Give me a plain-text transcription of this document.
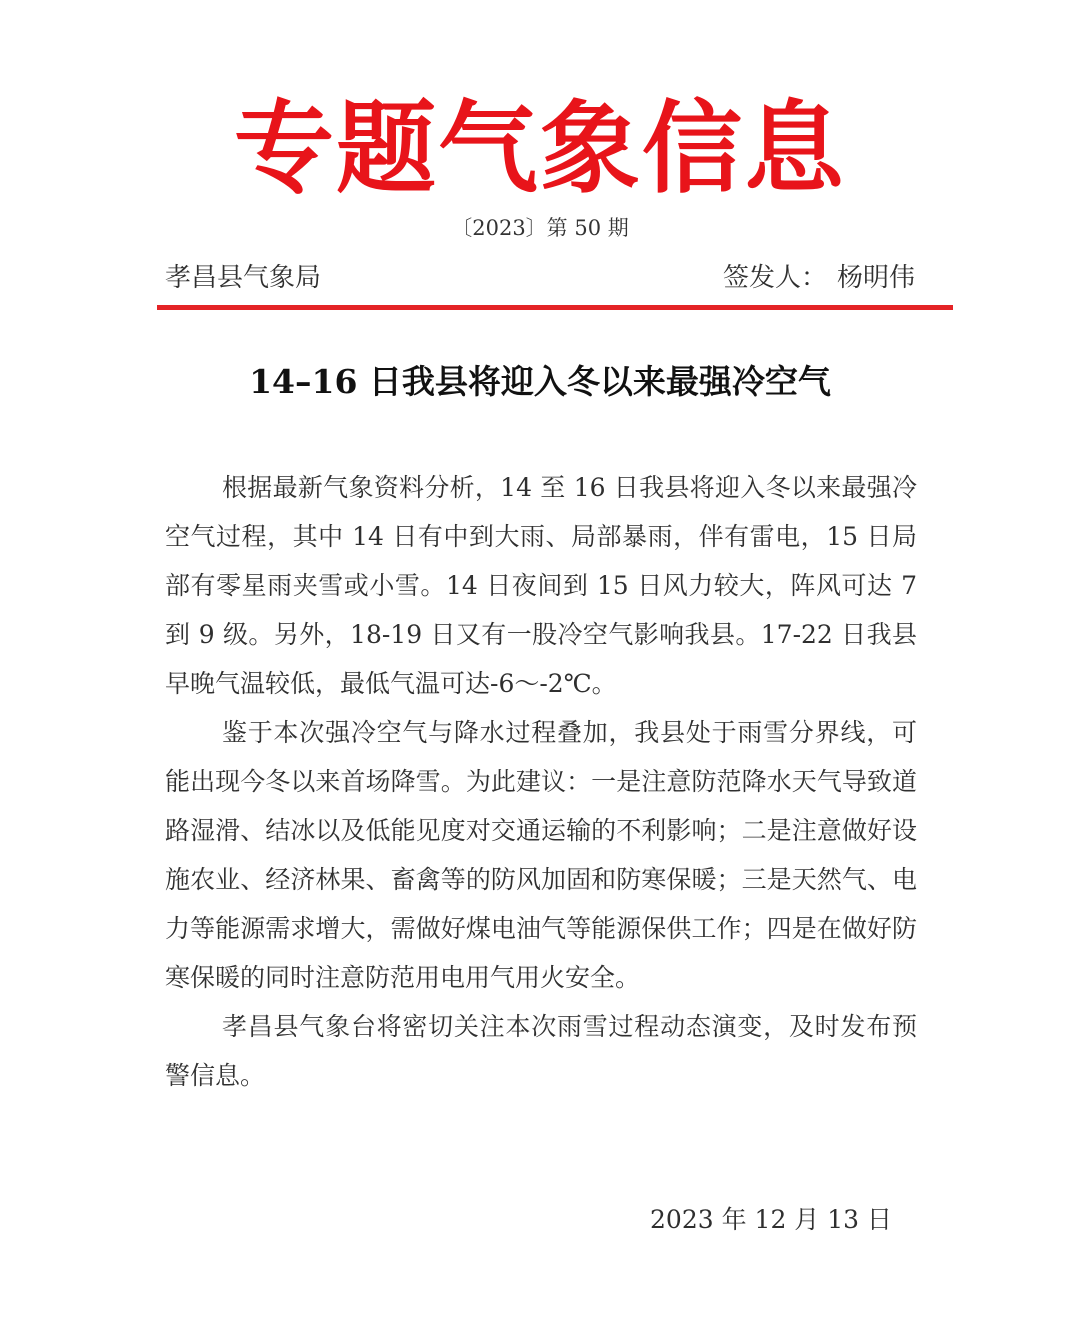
专题气象信息
〔2023〕第 50 期
孝昌县气象局	签发人： 杨明伟
14–16 日我县将迎入冬以来最强冷空气

根据最新气象资料分析，14 至 16 日我县将迎入冬以来最强冷空气过程，其中 14 日有中到大雨、局部暴雨，伴有雷电，15 日局部有零星雨夹雪或小雪。14 日夜间到 15 日风力较大，阵风可达 7 到 9 级。另外，18-19 日又有一股冷空气影响我县。17-22 日我县早晚气温较低，最低气温可达-6～-2℃。

鉴于本次强冷空气与降水过程叠加，我县处于雨雪分界线，可能出现今冬以来首场降雪。为此建议：一是注意防范降水天气导致道路湿滑、结冰以及低能见度对交通运输的不利影响；二是注意做好设施农业、经济林果、畜禽等的防风加固和防寒保暖；三是天然气、电力等能源需求增大，需做好煤电油气等能源保供工作；四是在做好防寒保暖的同时注意防范用电用气用火安全。

孝昌县气象台将密切关注本次雨雪过程动态演变，及时发布预警信息。

2023 年 12 月 13 日
